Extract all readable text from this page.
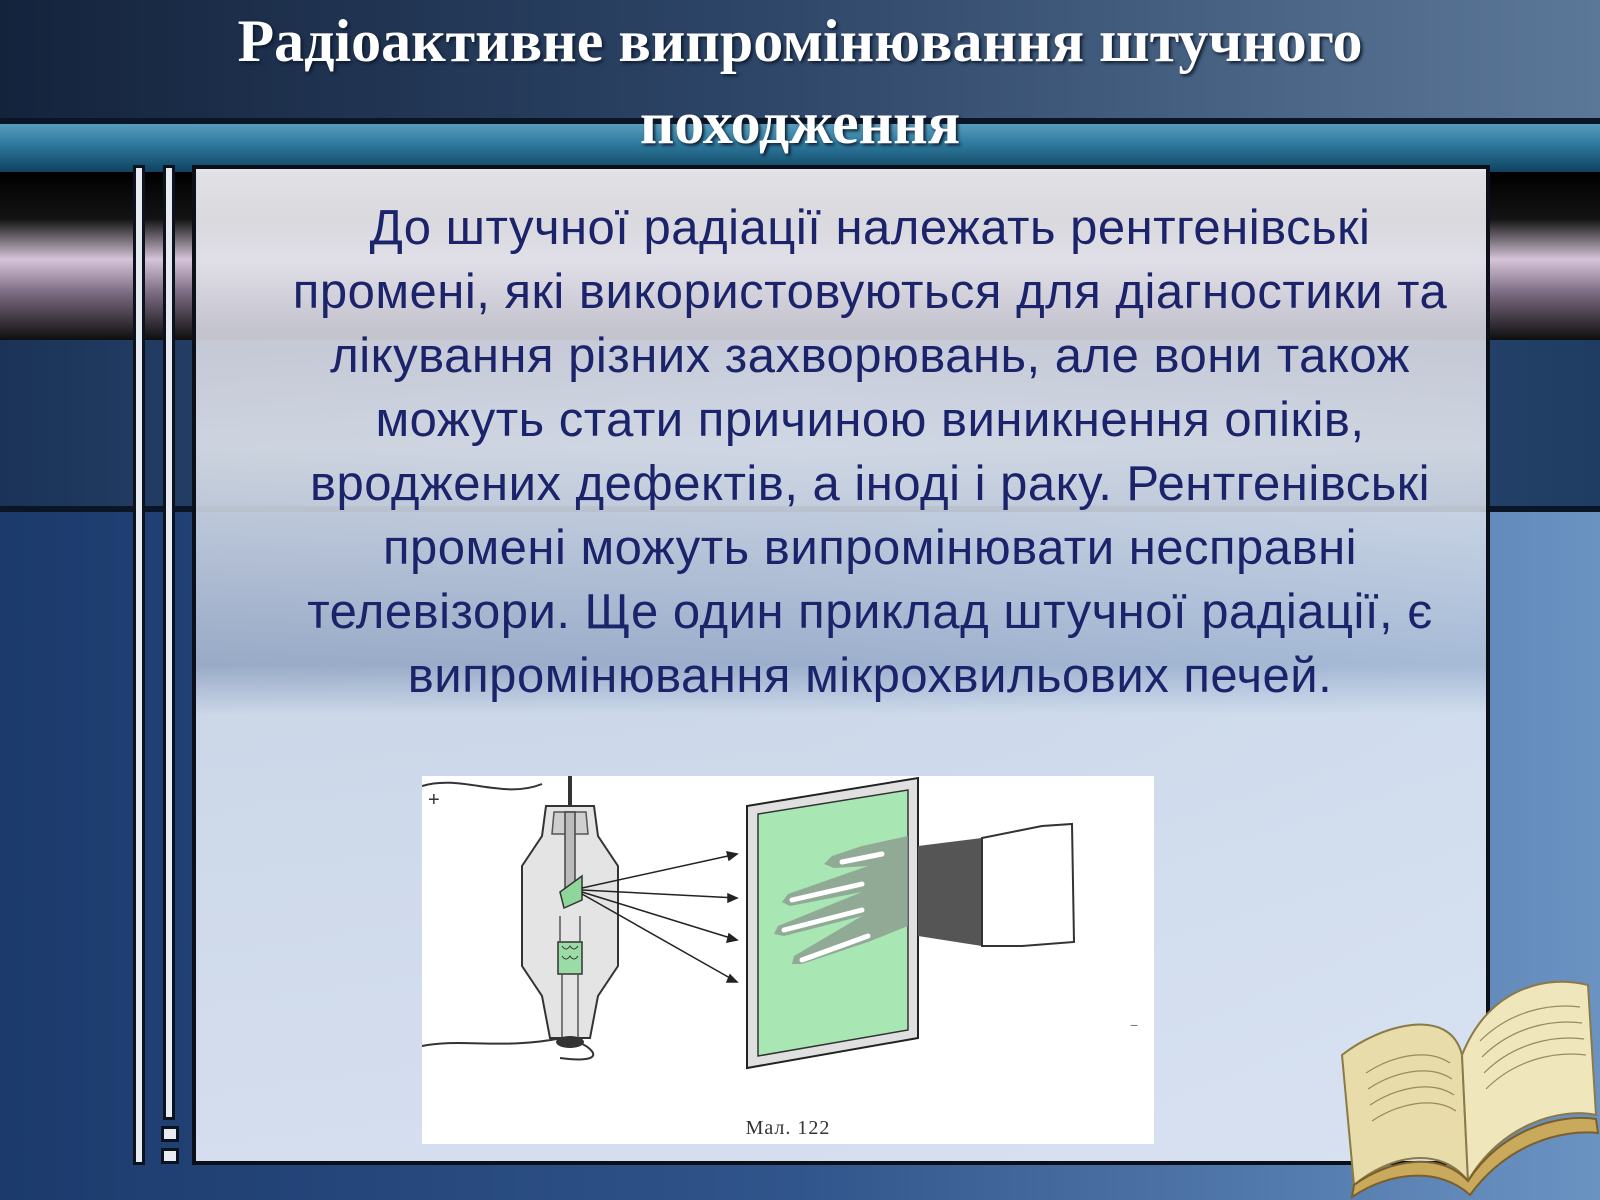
Радіоактивне випромінювання штучного походження

До штучної радіації належать рентгенівські промені, які використовуються для діагностики та лікування різних захворювань, але вони також можуть стати причиною виникнення опіків, вроджених дефектів, а іноді і раку. Рентгенівські промені можуть випромінювати несправні телевізори. Ще один приклад штучної радіації, є випромінювання мікрохвильових печей.

+
−
Мал. 122
